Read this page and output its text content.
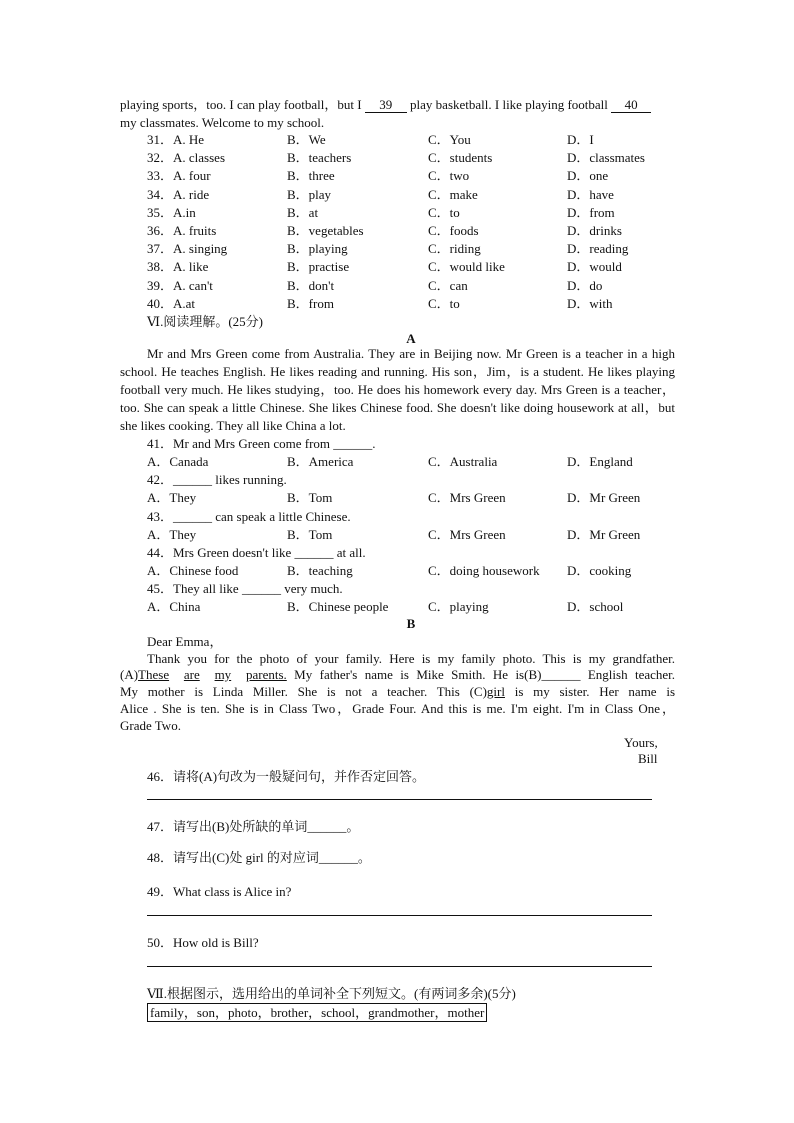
playing sports，too. I can play football，but I 39 play basketball. I like playing football 40
my classmates. Welcome to my school.
31．A. He	B．We	C．You	D．I
32．A. classes	B．teachers	C．students	D．classmates
33．A. four	B．three	C．two	D．one
34．A. ride	B．play	C．make	D．have
35．A.in	B．at	C．to	D．from
36．A. fruits	B．vegetables	C．foods	D．drinks
37．A. singing	B．playing	C．riding	D．reading
38．A. like	B．practise	C．would like	D．would
39．A. can't	B．don't	C．can	D．do
40．A.at	B．from	C．to	D．with
Ⅵ.阅读理解。(25分)
A
Mr and Mrs Green come from Australia. They are in Beijing now. Mr Green is a teacher in a high school. He teaches English. He likes reading and running. His son，Jim，is a student. He likes playing football very much. He likes studying，too. He does his homework every day. Mrs Green is a teacher，too. She can speak a little Chinese. She likes Chinese food. She doesn't like doing housework at all，but she likes cooking. They all like China a lot.
41．Mr and Mrs Green come from ______.
A．Canada	B．America	C．Australia	D．England
42．______ likes running.
A．They	B．Tom	C．Mrs Green	D．Mr Green
43．______ can speak a little Chinese.
A．They	B．Tom	C．Mrs Green	D．Mr Green
44．Mrs Green doesn't like ______ at all.
A．Chinese food	B．teaching	C．doing housework D．cooking
45．They all like ______ very much.
A．China	B．Chinese people	C．playing	D．school
B
Dear Emma，
Thank you for the photo of your family. Here is my family photo. This is my grandfather.
(A)These are my parents. My father's name is Mike Smith. He is(B)______ English teacher.
My mother is Linda Miller. She is not a teacher. This (C)girl is my sister. Her name is
Alice . She is ten. She is in Class Two，Grade Four. And this is me. I'm eight. I'm in Class One，
Grade Two.
Yours,
Bill
46．请将(A)句改为一般疑问句，并作否定回答。
47．请写出(B)处所缺的单词______。
48．请写出(C)处 girl 的对应词______。
49．What class is Alice in?
50．How old is Bill?
Ⅶ.根据图示，选用给出的单词补全下列短文。(有两词多余)(5分)
family，son，photo，brother，school，grandmother，mother
